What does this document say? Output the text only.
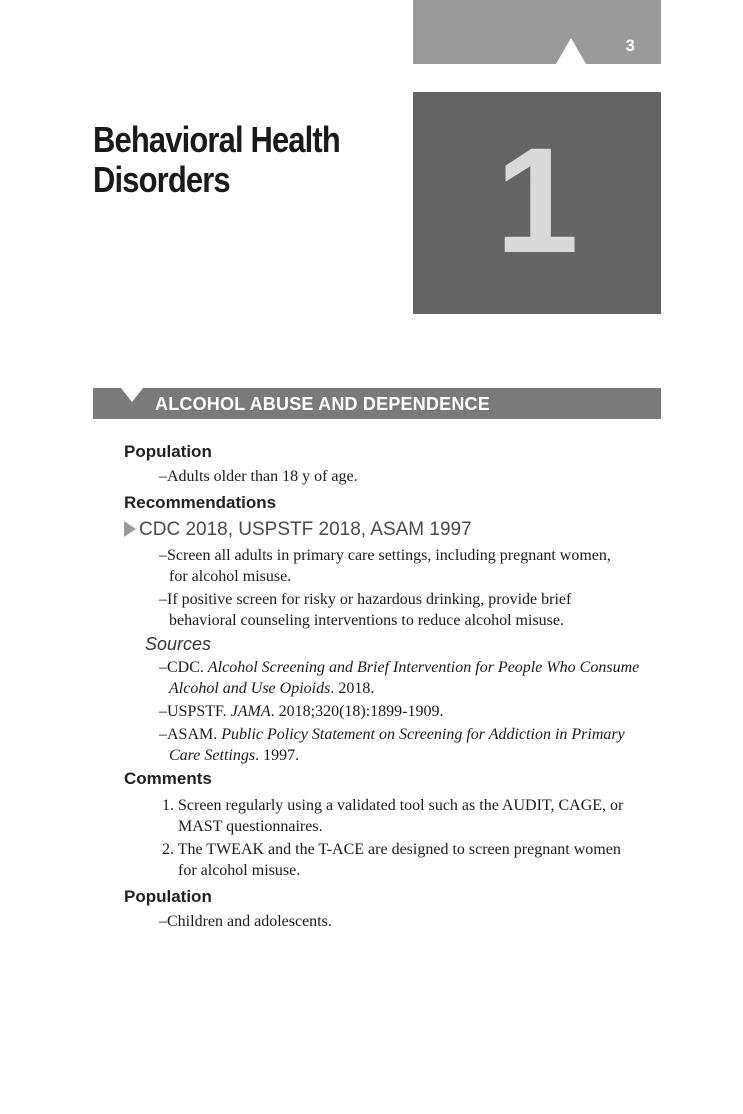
3
Behavioral Health
Disorders	1
ALCOHOL ABUSE AND DEPENDENCE
Population
–Adults older than 18 y of age.
Recommendations
CDC 2018, USPSTF 2018, ASAM 1997
–Screen all adults in primary care settings, including pregnant women,
for alcohol misuse.
–If positive screen for risky or hazardous drinking, provide brief
behavioral counseling interventions to reduce alcohol misuse.
Sources
–CDC. Alcohol Screening and Brief Intervention for People Who Consume
Alcohol and Use Opioids. 2018.
–USPSTF. JAMA. 2018;320(18):1899-1909.
–ASAM. Public Policy Statement on Screening for Addiction in Primary
Care Settings. 1997.
Comments
1. Screen regularly using a validated tool such as the AUDIT, CAGE, or
MAST questionnaires.
2. The TWEAK and the T-ACE are designed to screen pregnant women
for alcohol misuse.
Population
–Children and adolescents.
